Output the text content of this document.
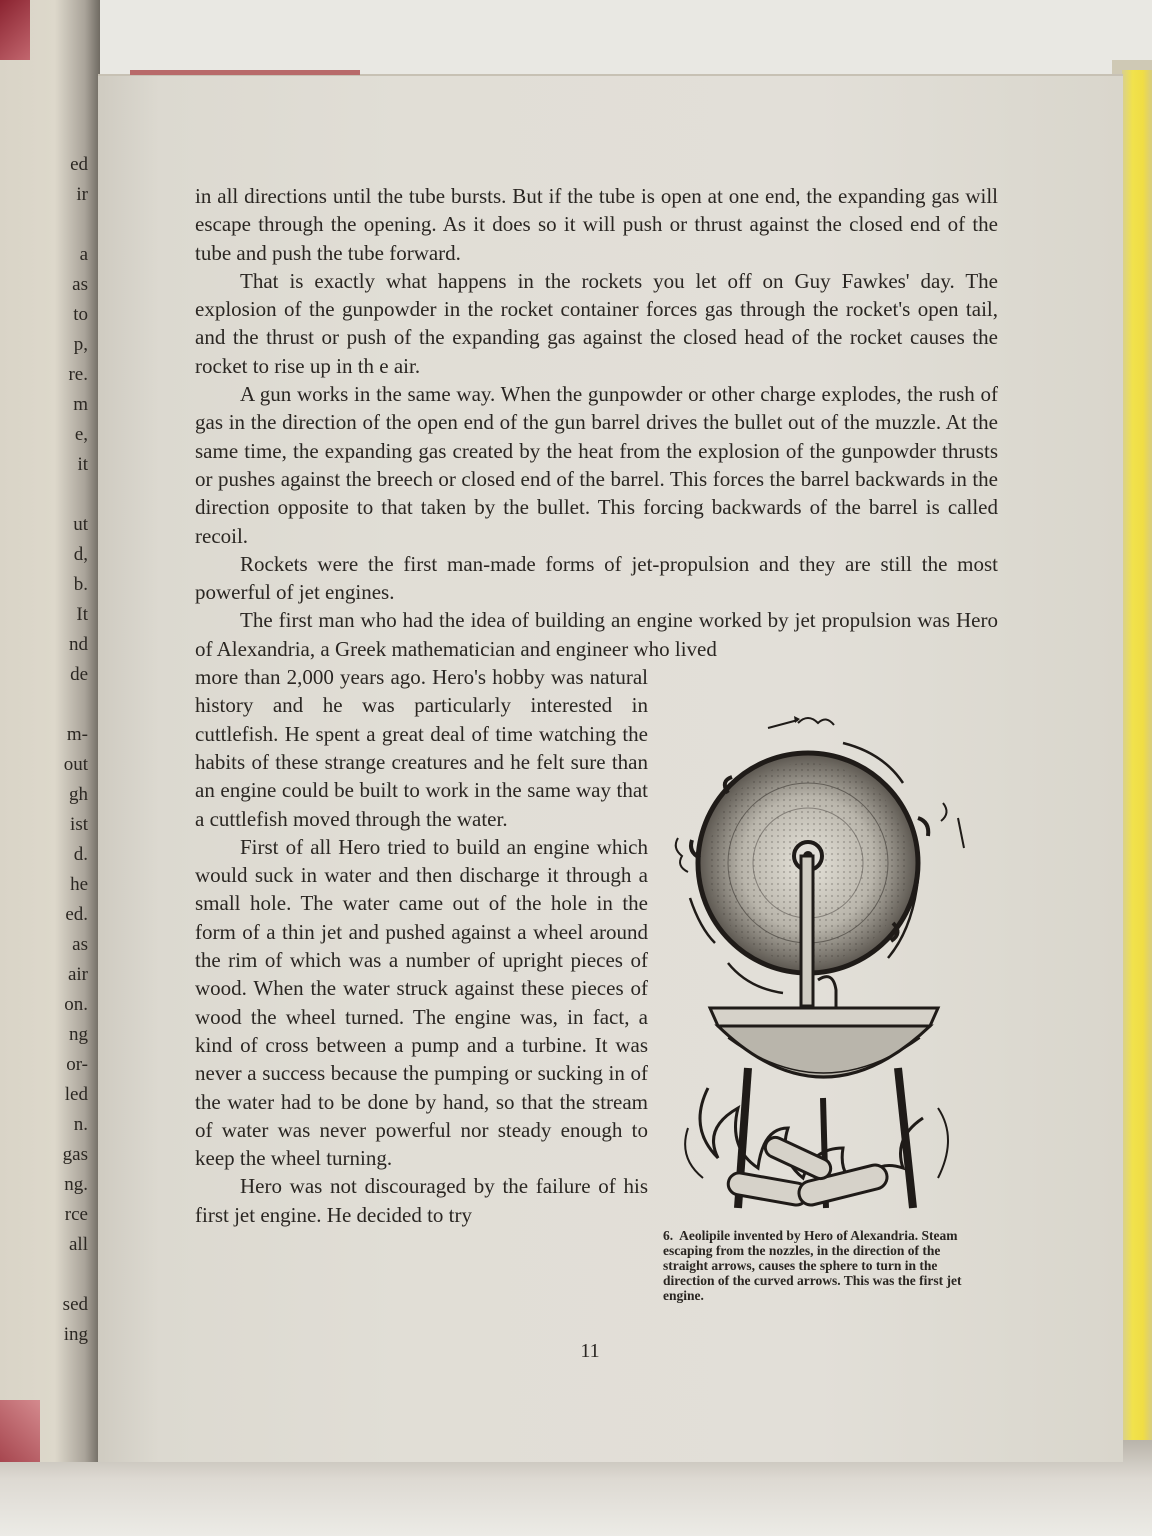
ed
ir
a
as
to
p,
re.
m
e,
it
ut
d,
b.
It
nd
de
m-
out
gh
ist
d.
he
ed.
as
air
on.
ng
or-
led
n.
gas
ng.
rce
all
sed
ing

in all directions until the tube bursts. But if the tube is open at one end, the expanding gas will escape through the opening. As it does so it will push or thrust against the closed end of the tube and push the tube forward.

That is exactly what happens in the rockets you let off on Guy Fawkes' day. The explosion of the gunpowder in the rocket container forces gas through the rocket's open tail, and the thrust or push of the expanding gas against the closed head of the rocket causes the rocket to rise up in th e air.

A gun works in the same way. When the gunpowder or other charge explodes, the rush of gas in the direction of the open end of the gun barrel drives the bullet out of the muzzle. At the same time, the expanding gas created by the heat from the explosion of the gunpowder thrusts or pushes against the breech or closed end of the barrel. This forces the barrel backwards in the direction opposite to that taken by the bullet. This forcing backwards of the barrel is called recoil.

Rockets were the first man-made forms of jet-propulsion and they are still the most powerful of jet engines.

The first man who had the idea of building an engine worked by jet propulsion was Hero of Alexandria, a Greek mathematician and engineer who lived

more than 2,000 years ago. Hero's hobby was natural history and he was particularly interested in cuttlefish. He spent a great deal of time watching the habits of these strange creatures and he felt sure than an engine could be built to work in the same way that a cuttlefish moved through the water.

First of all Hero tried to build an engine which would suck in water and then discharge it through a small hole. The water came out of the hole in the form of a thin jet and pushed against a wheel around the rim of which was a number of upright pieces of wood. When the water struck against these pieces of wood the wheel turned. The engine was, in fact, a kind of cross between a pump and a turbine. It was never a success because the pumping or sucking in of the water had to be done by hand, so that the stream of water was never powerful nor steady enough to keep the wheel turning.

Hero was not discouraged by the failure of his first jet engine. He decided to try

6. Aeolipile invented by Hero of Alexandria. Steam escaping from the nozzles, in the direction of the straight arrows, causes the sphere to turn in the direction of the curved arrows. This was the first jet engine.
11
